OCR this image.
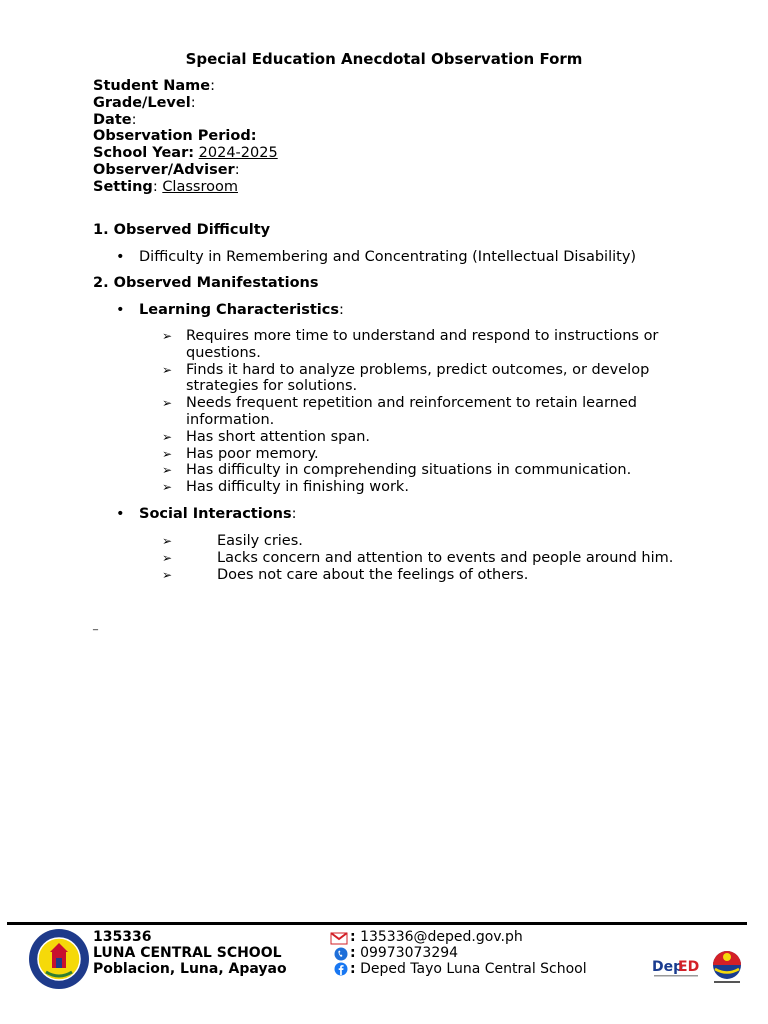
Special Education Anecdotal Observation Form
Student Name:
Grade/Level:
Date:
Observation Period:
School Year: 2024-2025
Observer/Adviser:
Setting: Classroom
1. Observed Difficulty
• Difficulty in Remembering and Concentrating (Intellectual Disability)
2. Observed Manifestations
• Learning Characteristics:
➢ Requires more time to understand and respond to instructions or questions.
➢ Finds it hard to analyze problems, predict outcomes, or develop strategies for solutions.
➢ Needs frequent repetition and reinforcement to retain learned information.
➢ Has short attention span.
➢ Has poor memory.
➢ Has difficulty in comprehending situations in communication.
➢ Has difficulty in finishing work.
• Social Interactions:
➢	Easily cries.
➢	Lacks concern and attention to events and people around him.
➢	Does not care about the feelings of others.
_
135336
LUNA CENTRAL SCHOOL
Poblacion, Luna, Apayao
:
135336@deped.gov.ph
:
09973073294
:
Deped Tayo Luna Central School	Dep
ED
